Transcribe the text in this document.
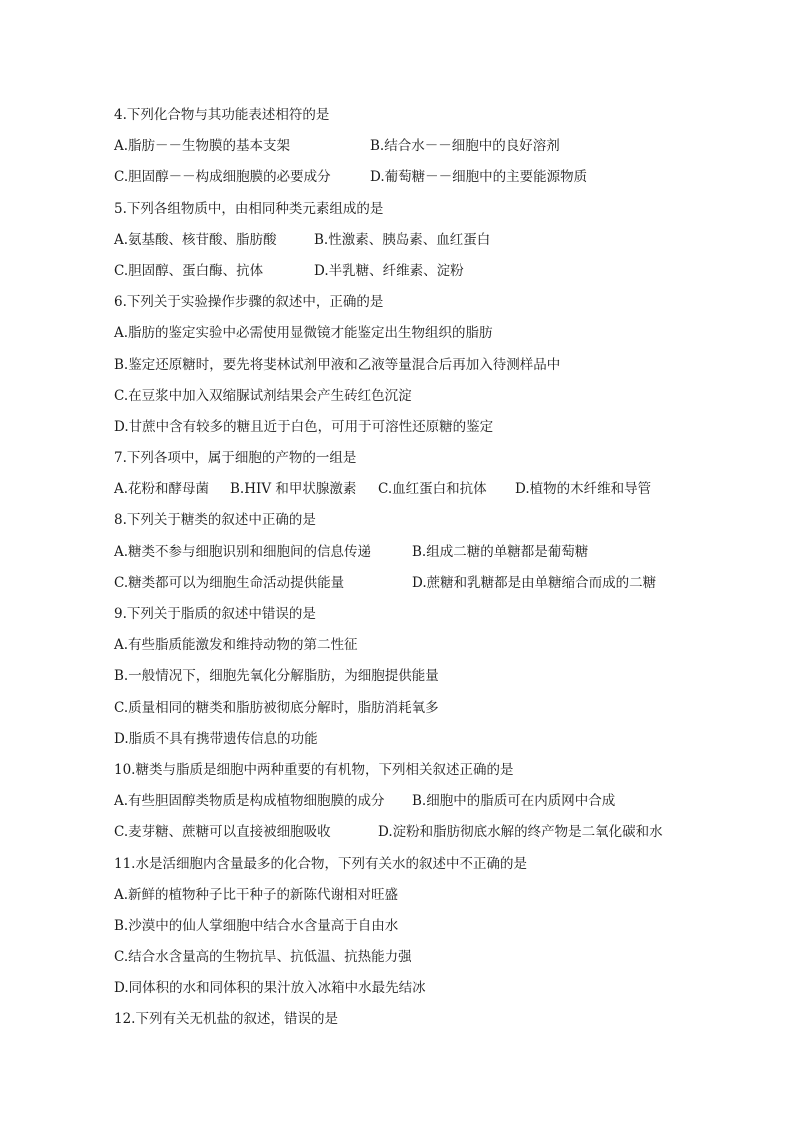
4.下列化合物与其功能表述相符的是
A.脂肪－－生物膜的基本支架	B.结合水－－细胞中的良好溶剂
C.胆固醇－－构成细胞膜的必要成分	D.葡萄糖－－细胞中的主要能源物质
5.下列各组物质中，由相同种类元素组成的是
A.氨基酸、核苷酸、脂肪酸	B.性激素、胰岛素、血红蛋白
C.胆固醇、蛋白酶、抗体	D.半乳糖、纤维素、淀粉
6.下列关于实验操作步骤的叙述中，正确的是
A.脂肪的鉴定实验中必需使用显微镜才能鉴定出生物组织的脂肪
B.鉴定还原糖时，要先将斐林试剂甲液和乙液等量混合后再加入待测样品中
C.在豆浆中加入双缩脲试剂结果会产生砖红色沉淀
D.甘蔗中含有较多的糖且近于白色，可用于可溶性还原糖的鉴定
7.下列各项中，属于细胞的产物的一组是
A.花粉和酵母菌 B.HIV 和甲状腺激素 C.血红蛋白和抗体 D.植物的木纤维和导管
8.下列关于糖类的叙述中正确的是
A.糖类不参与细胞识别和细胞间的信息传递	B.组成二糖的单糖都是葡萄糖
C.糖类都可以为细胞生命活动提供能量	D.蔗糖和乳糖都是由单糖缩合而成的二糖
9.下列关于脂质的叙述中错误的是
A.有些脂质能激发和维持动物的第二性征
B.一般情况下，细胞先氧化分解脂肪，为细胞提供能量
C.质量相同的糖类和脂肪被彻底分解时，脂肪消耗氧多
D.脂质不具有携带遗传信息的功能
10.糖类与脂质是细胞中两种重要的有机物，下列相关叙述正确的是
A.有些胆固醇类物质是构成植物细胞膜的成分 B.细胞中的脂质可在内质网中合成
C.麦芽糖、蔗糖可以直接被细胞吸收	D.淀粉和脂肪彻底水解的终产物是二氧化碳和水
11.水是活细胞内含量最多的化合物，下列有关水的叙述中不正确的是
A.新鲜的植物种子比干种子的新陈代谢相对旺盛
B.沙漠中的仙人掌细胞中结合水含量高于自由水
C.结合水含量高的生物抗旱、抗低温、抗热能力强
D.同体积的水和同体积的果汁放入冰箱中水最先结冰
12.下列有关无机盐的叙述，错误的是
